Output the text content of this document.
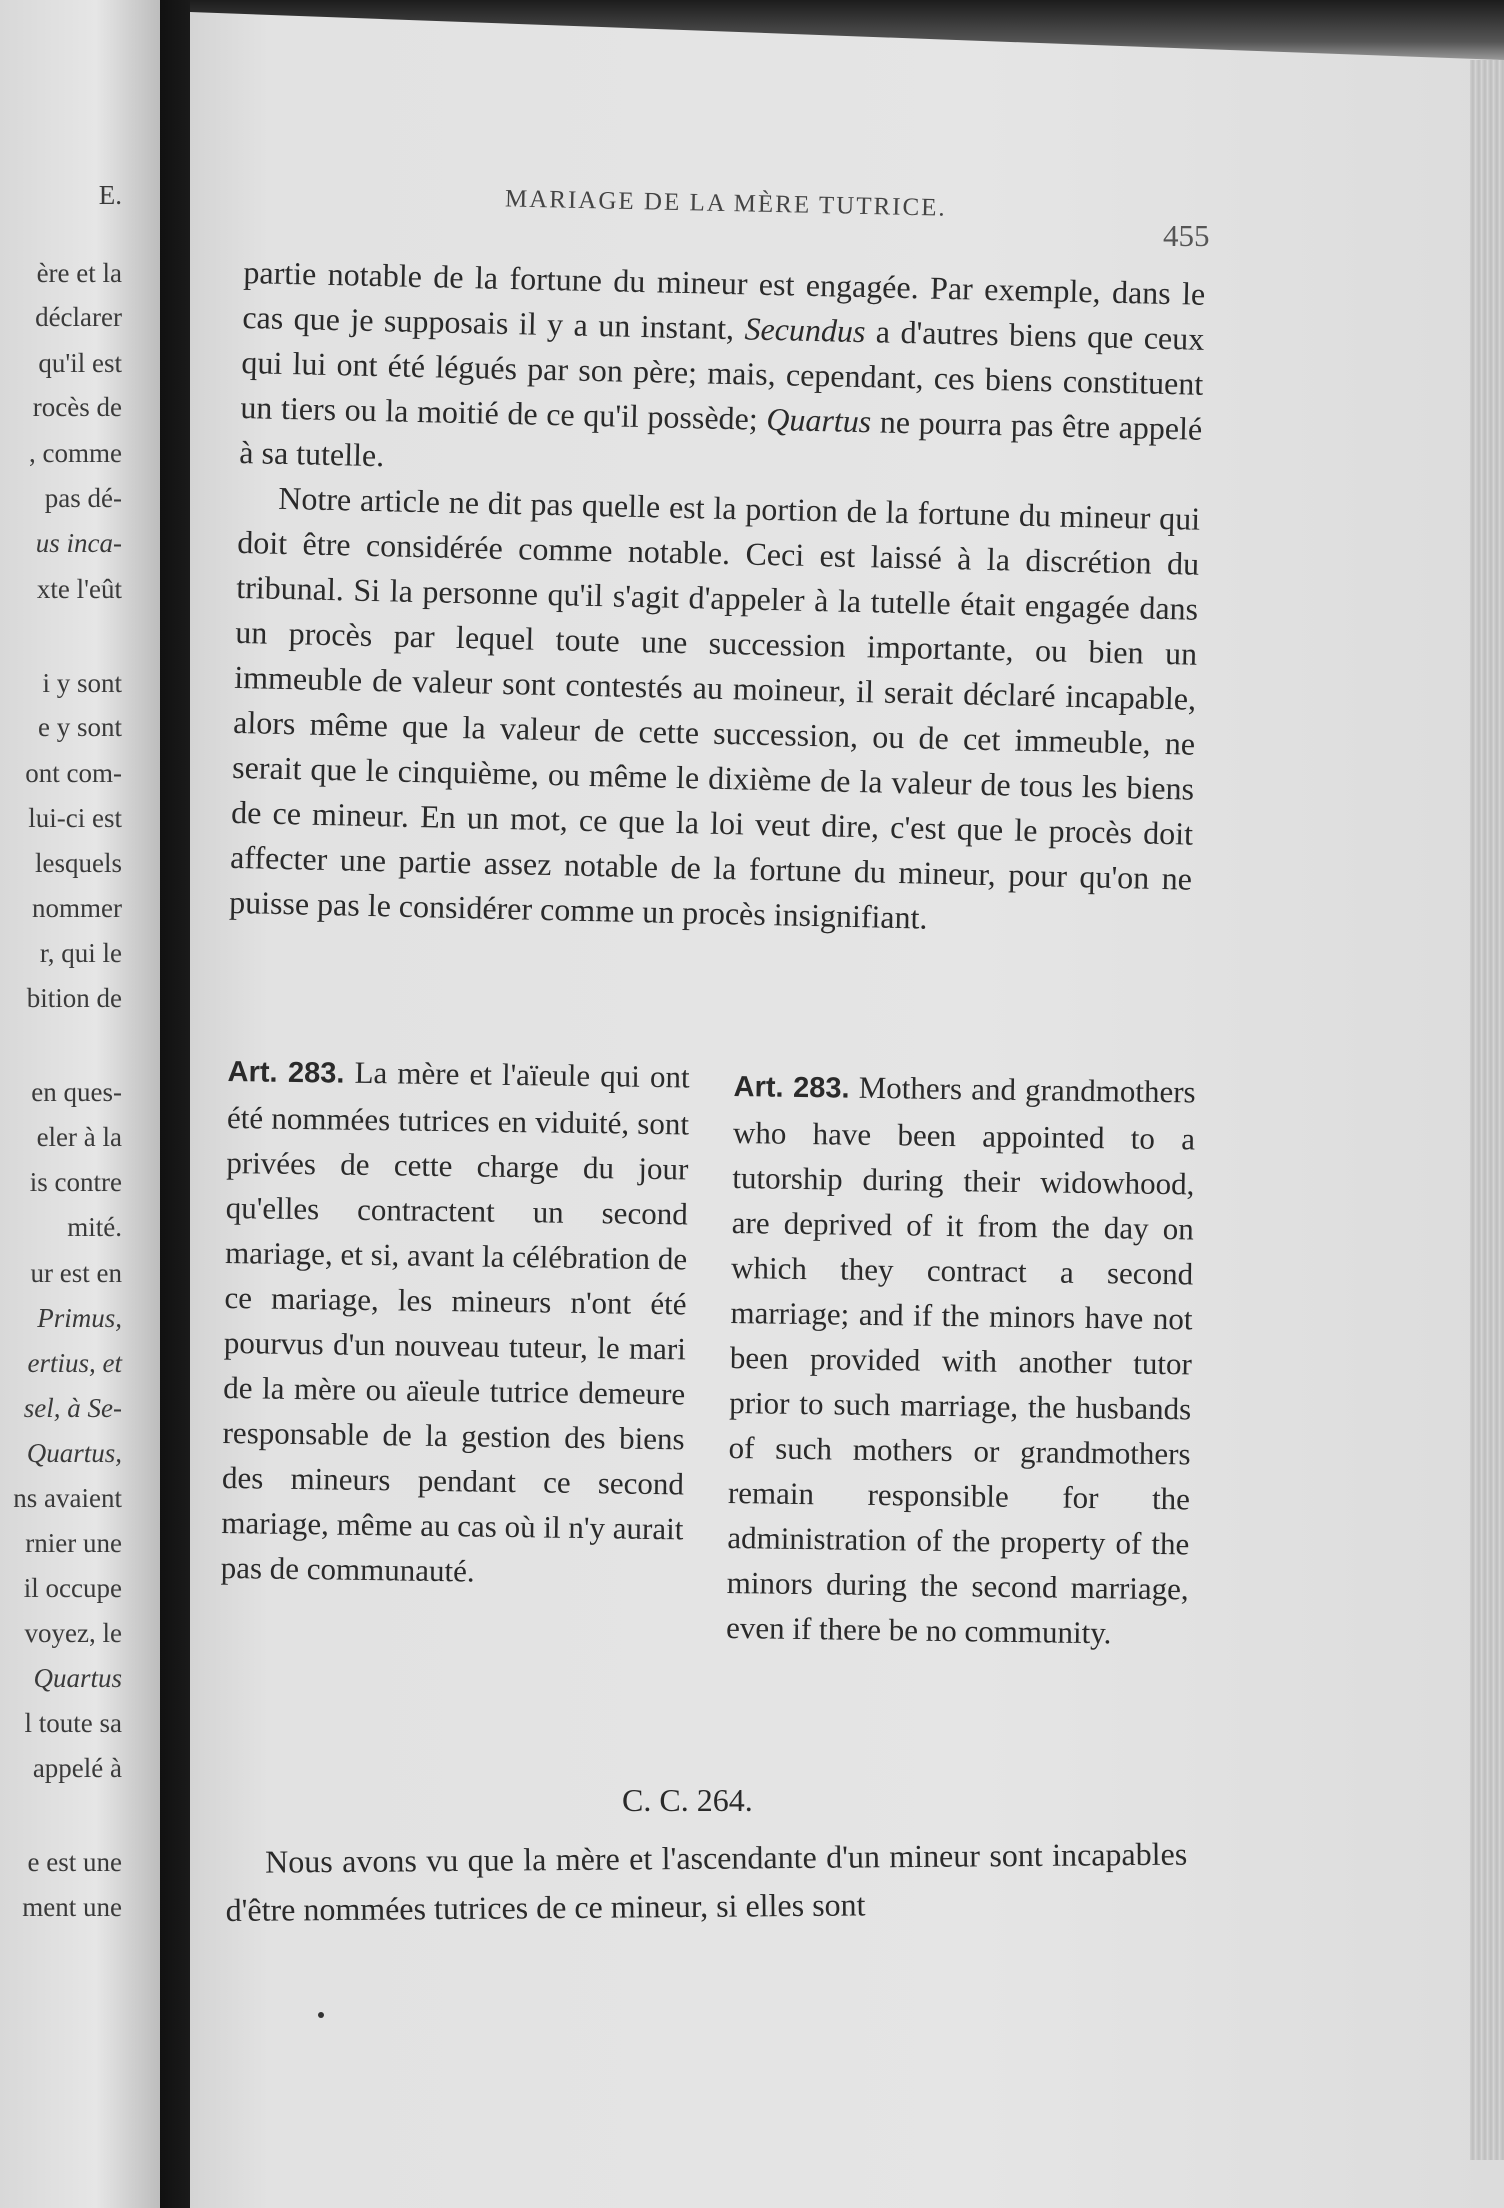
E.
ère et la
déclarer
qu'il est
rocès de
, comme
pas dé-
us inca-
xte l'eût
i y sont
e y sont
ont com-
lui-ci est
lesquels
nommer
r, qui le
bition de
en ques-
eler à la
is contre
mité.
ur est en
Primus,
ertius, et
sel, à Se-
Quartus,
ns avaient
rnier une
il occupe
voyez, le
Quartus
l toute sa
appelé à
e est une
ment une
MARIAGE DE LA MÈRE TUTRICE.
455

partie notable de la fortune du mineur est engagée. Par exemple, dans le cas que je supposais il y a un instant, Secundus a d'autres biens que ceux qui lui ont été légués par son père; mais, cependant, ces biens constituent un tiers ou la moitié de ce qu'il possède; Quartus ne pourra pas être appelé à sa tutelle.

Notre article ne dit pas quelle est la portion de la fortune du mineur qui doit être considérée comme notable. Ceci est laissé à la discrétion du tribunal. Si la personne qu'il s'agit d'appeler à la tutelle était engagée dans un procès par lequel toute une succession importante, ou bien un immeuble de valeur sont contestés au moineur, il serait déclaré incapable, alors même que la valeur de cette succession, ou de cet immeuble, ne serait que le cinquième, ou même le dixième de la valeur de tous les biens de ce mineur. En un mot, ce que la loi veut dire, c'est que le procès doit affecter une partie assez notable de la fortune du mineur, pour qu'on ne puisse pas le considérer comme un procès insignifiant.

Art. 283. La mère et l'aïeule qui ont été nommées tutrices en viduité, sont privées de cette charge du jour qu'elles contractent un second mariage, et si, avant la célébration de ce mariage, les mineurs n'ont été pourvus d'un nouveau tuteur, le mari de la mère ou aïeule tutrice demeure responsable de la gestion des biens des mineurs pendant ce second mariage, même au cas où il n'y aurait pas de communauté.
Art. 283. Mothers and grandmothers who have been appointed to a tutorship during their widowhood, are deprived of it from the day on which they contract a second marriage; and if the minors have not been provided with another tutor prior to such marriage, the husbands of such mothers or grandmothers remain responsible for the administration of the property of the minors during the second marriage, even if there be no community.
C. C. 264.
Nous avons vu que la mère et l'ascendante d'un mineur sont incapables d'être nommées tutrices de ce mineur, si elles sont
